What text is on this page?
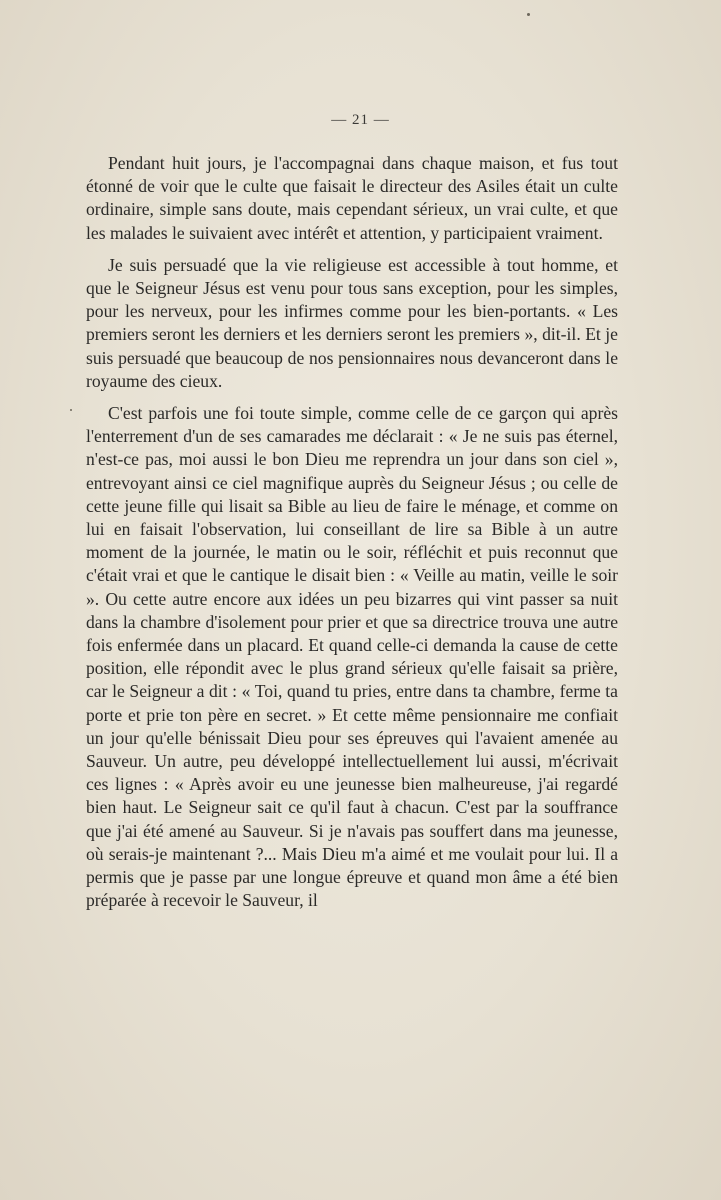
— 21 —

Pendant huit jours, je l'accompagnai dans chaque maison, et fus tout étonné de voir que le culte que faisait le directeur des Asiles était un culte ordinaire, simple sans doute, mais cependant sérieux, un vrai culte, et que les malades le suivaient avec intérêt et attention, y participaient vraiment.

Je suis persuadé que la vie religieuse est accessible à tout homme, et que le Seigneur Jésus est venu pour tous sans exception, pour les simples, pour les nerveux, pour les infirmes comme pour les bien-portants. « Les premiers seront les derniers et les derniers seront les premiers », dit-il. Et je suis persuadé que beaucoup de nos pensionnaires nous devanceront dans le royaume des cieux.

C'est parfois une foi toute simple, comme celle de ce garçon qui après l'enterrement d'un de ses camarades me déclarait : « Je ne suis pas éternel, n'est-ce pas, moi aussi le bon Dieu me reprendra un jour dans son ciel », entrevoyant ainsi ce ciel magnifique auprès du Seigneur Jésus ; ou celle de cette jeune fille qui lisait sa Bible au lieu de faire le ménage, et comme on lui en faisait l'observation, lui conseillant de lire sa Bible à un autre moment de la journée, le matin ou le soir, réfléchit et puis reconnut que c'était vrai et que le cantique le disait bien : « Veille au matin, veille le soir ». Ou cette autre encore aux idées un peu bizarres qui vint passer sa nuit dans la chambre d'isolement pour prier et que sa directrice trouva une autre fois enfermée dans un placard. Et quand celle-ci demanda la cause de cette position, elle répondit avec le plus grand sérieux qu'elle faisait sa prière, car le Seigneur a dit : « Toi, quand tu pries, entre dans ta chambre, ferme ta porte et prie ton père en secret. » Et cette même pensionnaire me confiait un jour qu'elle bénissait Dieu pour ses épreuves qui l'avaient amenée au Sauveur. Un autre, peu développé intellectuellement lui aussi, m'écrivait ces lignes : « Après avoir eu une jeunesse bien malheureuse, j'ai regardé bien haut. Le Seigneur sait ce qu'il faut à chacun. C'est par la souffrance que j'ai été amené au Sauveur. Si je n'avais pas souffert dans ma jeunesse, où serais-je maintenant ?... Mais Dieu m'a aimé et me voulait pour lui. Il a permis que je passe par une longue épreuve et quand mon âme a été bien préparée à recevoir le Sauveur, il
